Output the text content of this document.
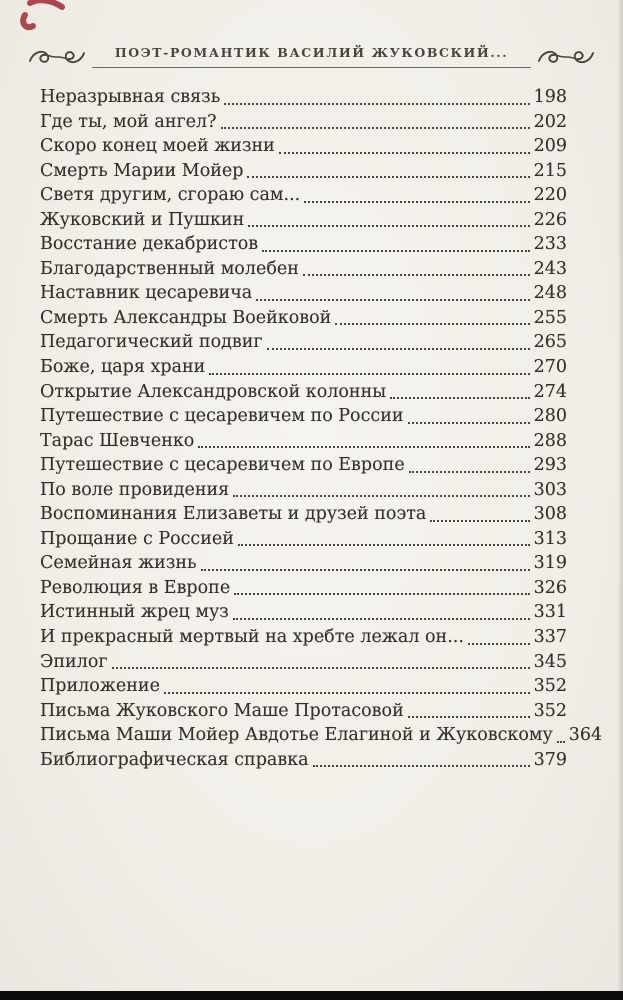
ПОЭТ-РОМАНТИК ВАСИЛИЙ ЖУКОВСКИЙ...
Неразрывная связь	198
Где ты, мой ангел?	202
Скоро конец моей жизни	209
Смерть Марии Мойер	215
Светя другим, сгораю сам...	220
Жуковский и Пушкин	226
Восстание декабристов	233
Благодарственный молебен	243
Наставник цесаревича	248
Смерть Александры Воейковой	255
Педагогический подвиг	265
Боже, царя храни	270
Открытие Александровской колонны	274
Путешествие с цесаревичем по России	280
Тарас Шевченко	288
Путешествие с цесаревичем по Европе	293
По воле провидения	303
Воспоминания Елизаветы и друзей поэта	308
Прощание с Россией	313
Семейная жизнь	319
Революция в Европе	326
Истинный жрец муз	331
И прекрасный мертвый на хребте лежал он...	337
Эпилог	345
Приложение	352
Письма Жуковского Маше Протасовой	352
Письма Маши Мойер Авдотье Елагиной и Жуковскому 364
Библиографическая справка	379
